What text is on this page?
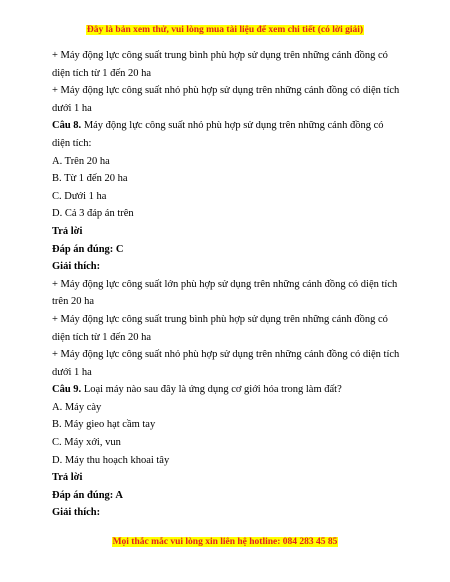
Đây là bản xem thử, vui lòng mua tài liệu để xem chi tiết (có lời giải)

+ Máy động lực công suất trung bình phù hợp sử dụng trên những cánh đồng có diện tích từ 1 đến 20 ha

+ Máy động lực công suất nhỏ phù hợp sử dụng trên những cánh đồng có diện tích dưới 1 ha

Câu 8. Máy động lực công suất nhỏ phù hợp sử dụng trên những cánh đồng có diện tích:

A. Trên 20 ha

B. Từ 1 đến 20 ha

C. Dưới 1 ha

D. Cả 3 đáp án trên

Trả lời

Đáp án đúng: C

Giải thích:

+ Máy động lực công suất lớn phù hợp sử dụng trên những cánh đồng có diện tích trên 20 ha

+ Máy động lực công suất trung bình phù hợp sử dụng trên những cánh đồng có diện tích từ 1 đến 20 ha

+ Máy động lực công suất nhỏ phù hợp sử dụng trên những cánh đồng có diện tích dưới 1 ha

Câu 9. Loại máy nào sau đây là ứng dụng cơ giới hóa trong làm đất?

A. Máy cày

B. Máy gieo hạt cầm tay

C. Máy xới, vun

D. Máy thu hoạch khoai tây

Trả lời

Đáp án đúng: A

Giải thích:

Mọi thắc mắc vui lòng xin liên hệ hotline: 084 283 45 85
